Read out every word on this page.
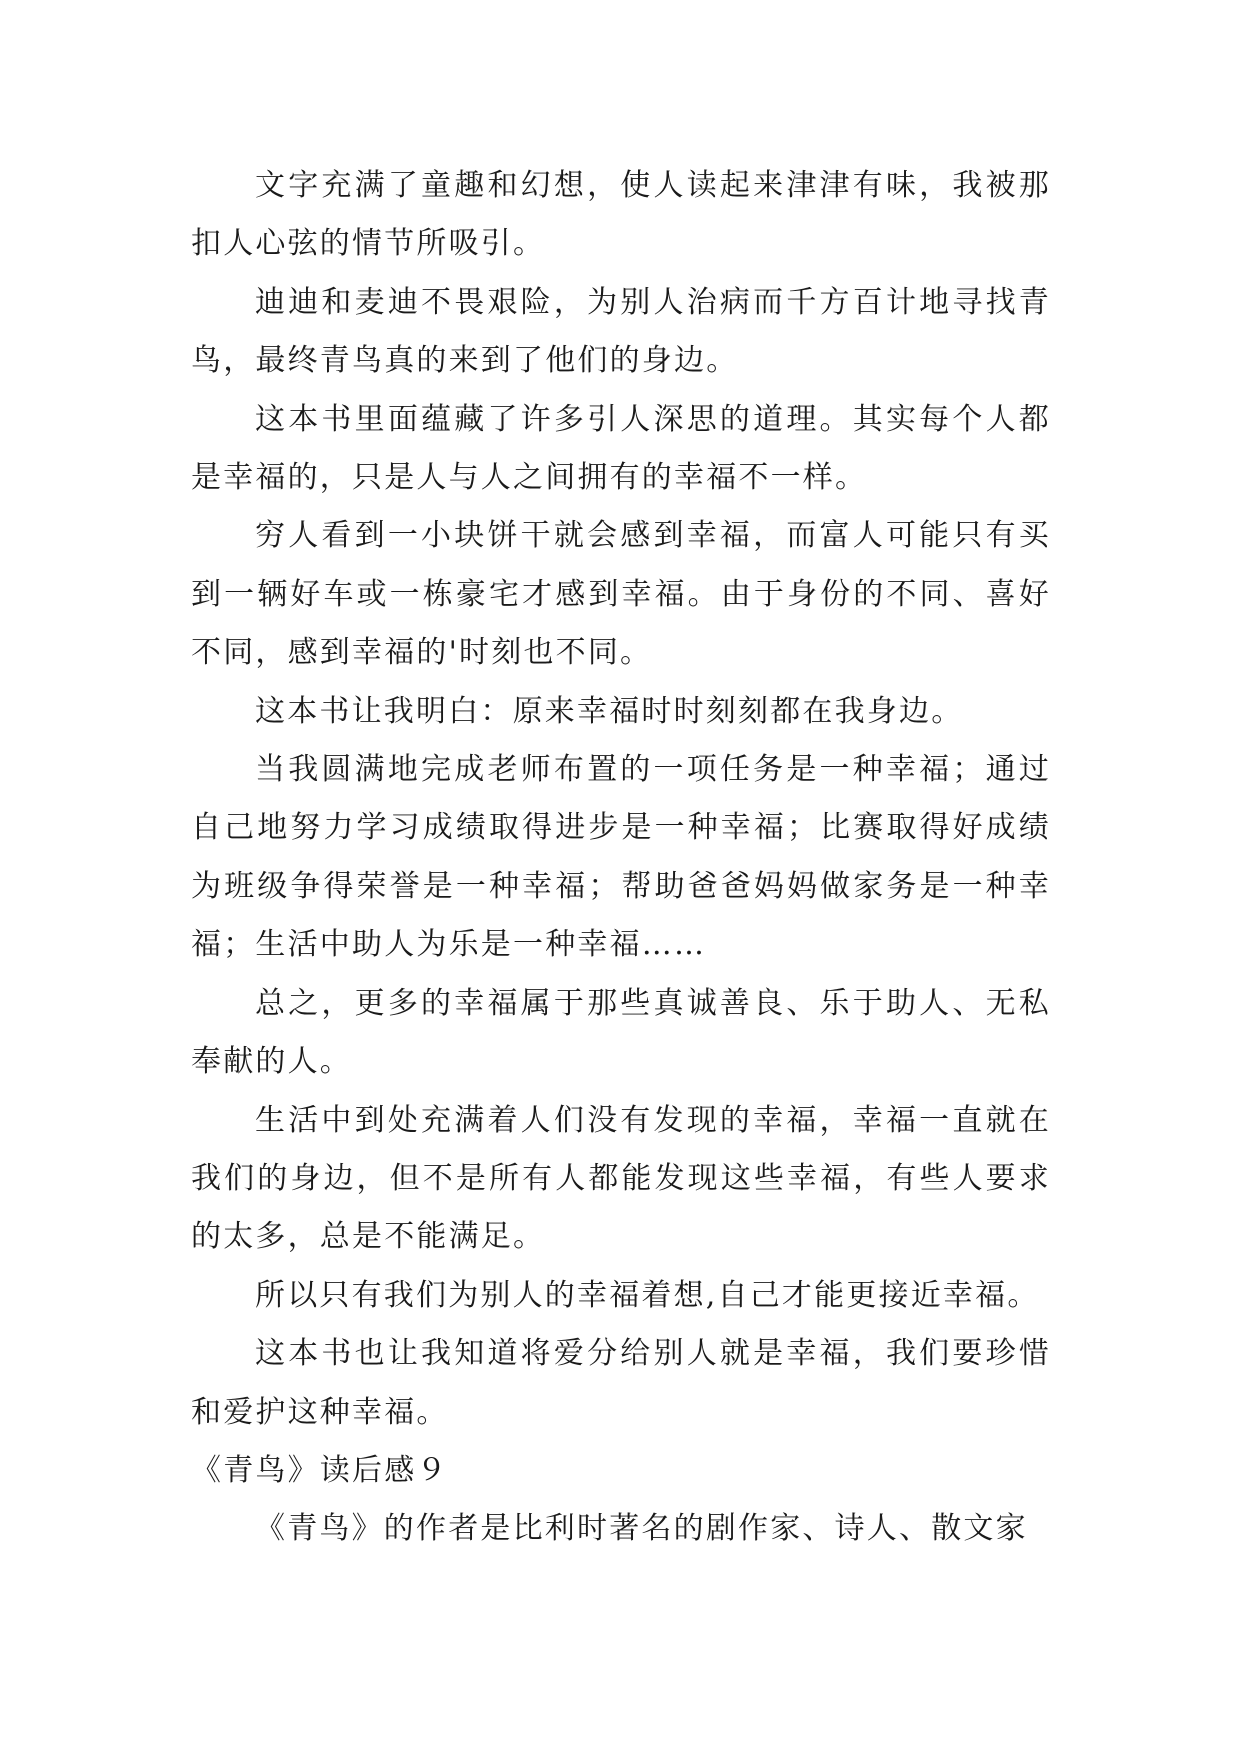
文字充满了童趣和幻想，使人读起来津津有味，我被那扣人心弦的情节所吸引。

迪迪和麦迪不畏艰险，为别人治病而千方百计地寻找青鸟，最终青鸟真的来到了他们的身边。

这本书里面蕴藏了许多引人深思的道理。其实每个人都是幸福的，只是人与人之间拥有的幸福不一样。

穷人看到一小块饼干就会感到幸福，而富人可能只有买到一辆好车或一栋豪宅才感到幸福。由于身份的不同、喜好不同，感到幸福的'时刻也不同。

这本书让我明白：原来幸福时时刻刻都在我身边。

当我圆满地完成老师布置的一项任务是一种幸福；通过自己地努力学习成绩取得进步是一种幸福；比赛取得好成绩为班级争得荣誉是一种幸福；帮助爸爸妈妈做家务是一种幸福；生活中助人为乐是一种幸福……

总之，更多的幸福属于那些真诚善良、乐于助人、无私奉献的人。

生活中到处充满着人们没有发现的幸福，幸福一直就在我们的身边，但不是所有人都能发现这些幸福，有些人要求的太多，总是不能满足。

所以只有我们为别人的幸福着想,自己才能更接近幸福。

这本书也让我知道将爱分给别人就是幸福，我们要珍惜和爱护这种幸福。

《青鸟》读后感９

《青鸟》的作者是比利时著名的剧作家、诗人、散文家
